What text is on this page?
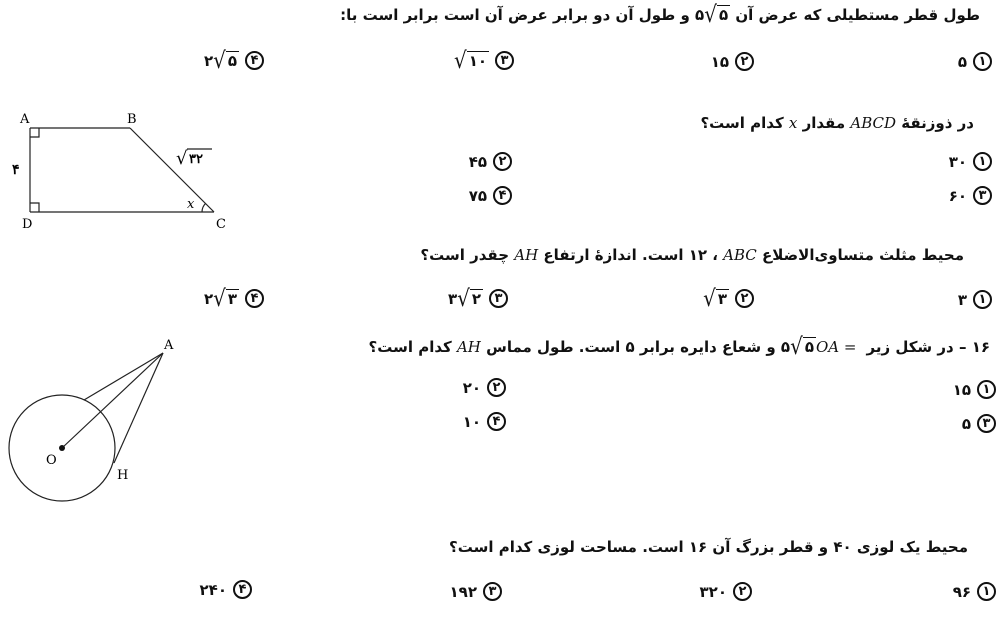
طول قطر مستطیلی که عرض آن
۵ √ ۵
و طول آن دو برابر عرض آن است برابر است با:
۱
۵
۲
۱۵
۳
√ ۱۰
۴
۲ √ ۵
در ذوزنقهٔ ABCD مقدار x کدام است؟
۱
۳۰
۲
۴۵
۳
۶۰
۴
۷۵
A	B
C
D
۴
x
√ ۳۲
محیط مثلث متساوی‌الاضلاع ABC ، ۱۲ است. اندازهٔ ارتفاع AH چقدر است؟
۱
۳
۲
√ ۳
۳
۳ √ ۲
۴
۲ √ ۳
۱۶ – در شکل زیر OA =
۵ √ ۵
و شعاع دایره برابر ۵ است. طول مماس AH کدام است؟
۱
۱۵
۲
۲۰
۳
۵
۴
۱۰
A
O
H
محیط یک لوزی ۴۰ و قطر بزرگ آن ۱۶ است. مساحت لوزی کدام است؟
۱
۹۶
۲
۳۲۰
۳
۱۹۲
۴
۲۴۰
